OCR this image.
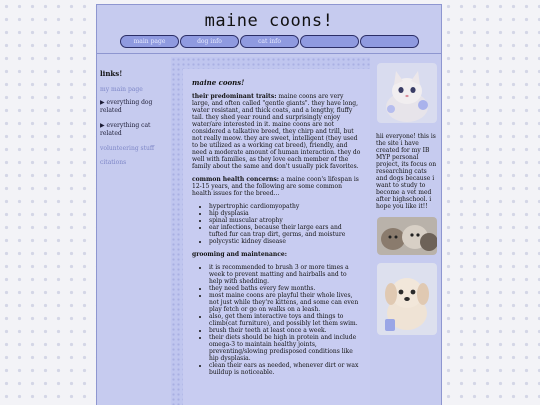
maine coons!
main page	dog info	cat info
links!
my main page
▶ everything dog related
▶ everything cat related
volunteering stuff
citations
maine coons!

their predominant traits: maine coons are very large, and often called "gentle giants". they have long, water resistant, and thick coats, and a lengthy, fluffy tail. they shed year round and surprisingly enjoy water/are interested in it. maine coons are not considered a talkative breed, they chirp and trill, but not really meow. they are sweet, intelligent (they used to be utilized as a working cat breed), friendly, and need a moderate amount of human interaction. they do well with families, as they love each member of the family about the same and don't usually pick favorites.

common health concerns: a maine coon's lifespan is 12-15 years, and the following are some common health issues for the breed...

• hypertrophic cardiomyopathy
• hip dysplasia
• spinal muscular atrophy
• ear infections, because their large ears and tufted fur can trap dirt, germs, and moisture
• polycystic kidney disease

grooming and maintenance:

• it is recommended to brush 3 or more times a week to prevent matting and hairballs and to help with shedding.
• they need baths every few months.
• most maine coons are playful their whole lives, not just while they're kittens, and some can even play fetch or go on walks on a leash.
• also, get them interactive toys and things to climb(cat furniture), and possibly let them swim.
• brush their teeth at least once a week.
• their diets should be high in protein and include omega-3 to maintain healthy joints, preventing/slowing predisposed conditions like hip dysplasia.
• clean their ears as needed, whenever dirt or wax buildup is noticeable.
hii everyone! this is the site i have created for my IB MYP personal project, its focus on researching cats and dogs because i want to study to become a vet med after highschool. i hope you like it!!
